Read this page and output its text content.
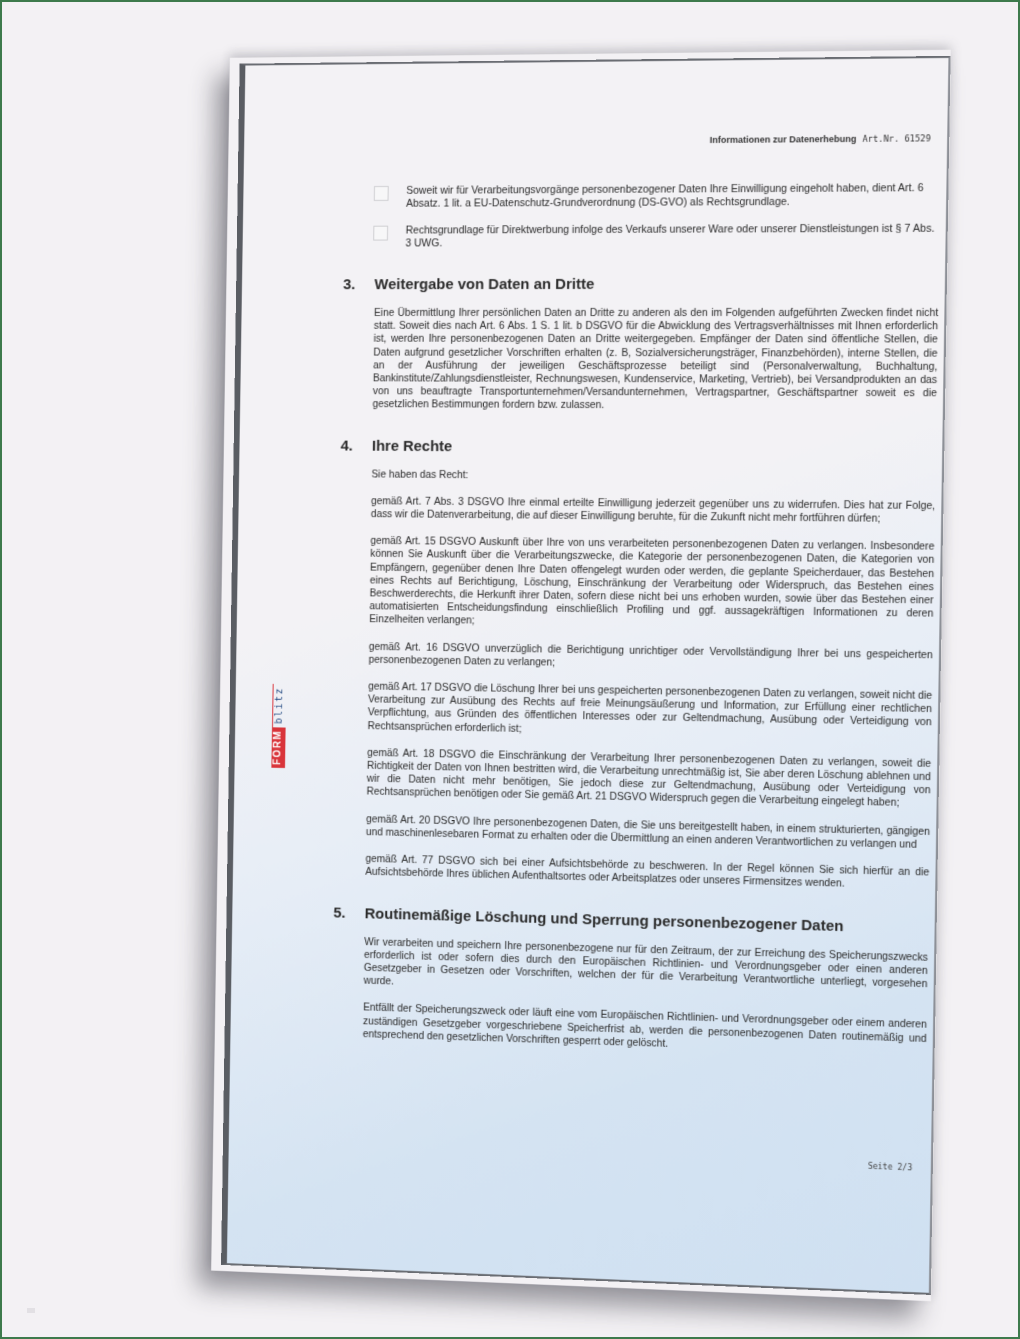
Informationen zur Datenerhebung Art.Nr. 61529
FORM
blitz
Soweit wir für Verarbeitungsvorgänge personenbezogener Daten Ihre Einwilligung eingeholt haben, dient Art. 6 Absatz. 1 lit. a EU-Datenschutz-Grundverordnung (DS-GVO) als Rechtsgrundlage.
Rechtsgrundlage für Direktwerbung infolge des Verkaufs unserer Ware oder unserer Dienstleistungen ist § 7 Abs. 3 UWG.
3.	Weitergabe von Daten an Dritte

Eine Übermittlung Ihrer persönlichen Daten an Dritte zu anderen als den im Folgenden aufgeführten Zwecken findet nicht statt. Soweit dies nach Art. 6 Abs. 1 S. 1 lit. b DSGVO für die Abwicklung des Vertragsverhältnisses mit Ihnen erforderlich ist, werden Ihre personenbezogenen Daten an Dritte weitergegeben. Empfänger der Daten sind öffentliche Stellen, die Daten aufgrund gesetzlicher Vorschriften erhalten (z. B, Sozialversicherungsträger, Finanzbehörden), interne Stellen, die an der Ausführung der jeweiligen Geschäftsprozesse beteiligt sind (Personalverwaltung, Buchhaltung, Bankinstitute/Zahlungsdienstleister, Rechnungswesen, Kundenservice, Marketing, Vertrieb), bei Versandprodukten an das von uns beauftragte Transportunternehmen/Versandunternehmen, Vertragspartner, Geschäftspartner soweit es die gesetzlichen Bestimmungen fordern bzw. zulassen.

4.	Ihre Rechte

Sie haben das Recht:

gemäß Art. 7 Abs. 3 DSGVO Ihre einmal erteilte Einwilligung jederzeit gegenüber uns zu widerrufen. Dies hat zur Folge, dass wir die Datenverarbeitung, die auf dieser Einwilligung beruhte, für die Zukunft nicht mehr fortführen dürfen;

gemäß Art. 15 DSGVO Auskunft über Ihre von uns verarbeiteten personenbezogenen Daten zu verlangen. Insbesondere können Sie Auskunft über die Verarbeitungszwecke, die Kategorie der personenbezogenen Daten, die Kategorien von Empfängern, gegenüber denen Ihre Daten offengelegt wurden oder werden, die geplante Speicherdauer, das Bestehen eines Rechts auf Berichtigung, Löschung, Einschränkung der Verarbeitung oder Widerspruch, das Bestehen eines Beschwerderechts, die Herkunft ihrer Daten, sofern diese nicht bei uns erhoben wurden, sowie über das Bestehen einer automatisierten Entscheidungsfindung einschließlich Profiling und ggf. aussagekräftigen Informationen zu deren Einzelheiten verlangen;

gemäß Art. 16 DSGVO unverzüglich die Berichtigung unrichtiger oder Vervollständigung Ihrer bei uns gespeicherten personenbezogenen Daten zu verlangen;

gemäß Art. 17 DSGVO die Löschung Ihrer bei uns gespeicherten personenbezogenen Daten zu verlangen, soweit nicht die Verarbeitung zur Ausübung des Rechts auf freie Meinungsäußerung und Information, zur Erfüllung einer rechtlichen Verpflichtung, aus Gründen des öffentlichen Interesses oder zur Geltendmachung, Ausübung oder Verteidigung von Rechtsansprüchen erforderlich ist;

gemäß Art. 18 DSGVO die Einschränkung der Verarbeitung Ihrer personenbezogenen Daten zu verlangen, soweit die Richtigkeit der Daten von Ihnen bestritten wird, die Verarbeitung unrechtmäßig ist, Sie aber deren Löschung ablehnen und wir die Daten nicht mehr benötigen, Sie jedoch diese zur Geltendmachung, Ausübung oder Verteidigung von Rechtsansprüchen benötigen oder Sie gemäß Art. 21 DSGVO Widerspruch gegen die Verarbeitung eingelegt haben;

gemäß Art. 20 DSGVO Ihre personenbezogenen Daten, die Sie uns bereitgestellt haben, in einem strukturierten, gängigen und maschinenlesebaren Format zu erhalten oder die Übermittlung an einen anderen Verantwortlichen zu verlangen und

gemäß Art. 77 DSGVO sich bei einer Aufsichtsbehörde zu beschweren. In der Regel können Sie sich hierfür an die Aufsichtsbehörde Ihres üblichen Aufenthaltsortes oder Arbeitsplatzes oder unseres Firmensitzes wenden.

5.	Routinemäßige Löschung und Sperrung personenbezogener Daten

Wir verarbeiten und speichern Ihre personenbezogene nur für den Zeitraum, der zur Erreichung des Speicherungszwecks erforderlich ist oder sofern dies durch den Europäischen Richtlinien- und Verordnungsgeber oder einen anderen Gesetzgeber in Gesetzen oder Vorschriften, welchen der für die Verarbeitung Verantwortliche unterliegt, vorgesehen wurde.

Entfällt der Speicherungszweck oder läuft eine vom Europäischen Richtlinien- und Verordnungsgeber oder einem anderen zuständigen Gesetzgeber vorgeschriebene Speicherfrist ab, werden die personenbezogenen Daten routinemäßig und entsprechend den gesetzlichen Vorschriften gesperrt oder gelöscht.

Seite 2/3
